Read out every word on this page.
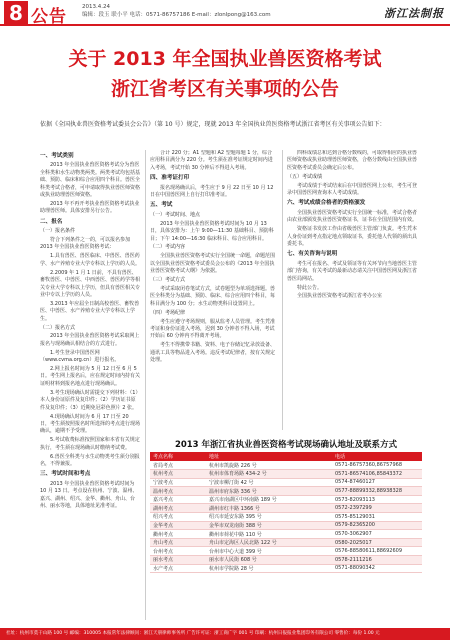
8 公告	2013.4.24
编辑：段玉 联小平 电话：0571-86757186 E-mail：zlonlpong@163.com	浙江法制报
关于 2013 年全国执业兽医资格考试
浙江省考区有关事项的公告
依据《全国执业兽医资格考试委员会公告》（第 10 号）规定，现就 2013 年全国执业兽医资格考试浙江省考区有关事项公告如下：

一、考试类别

2013 年全国执业兽医资格考试分为兽医全科类和水生动物类两类。两类考试均包括基础、预防、临床和综合应用四个科目。兽医全科类考试合格者，可申请取得执业兽医师资格或执业助理兽医师资格。

2013 年不再开考执业兽医资格考试执业助理兽医师。具体安排另行公告。

二、报名

（一）报名条件

符合下列条件之一的，可以报名参加 2013 年全国执业兽医资格考试：

1.具有兽医、兽医临床、中兽医、兽医药学、水产养殖专业大学专科以上学历的人员。

2.2009 年 1 月 1 日前，不具有兽医、畜牧兽医、中兽医、中西兽医、兽医药学等相关专业大学专科以上学历，但具有兽医相关专业中专以上学历的人员。

3.2013 年应届全日制高校兽医、畜牧兽医、中兽医、水产养殖专业大学专科以上学生。

（二）报名方式

2013 年全国执业兽医资格考试采取网上报名与现场确认相结合的方式进行。

1.考生登录中国兽医网（www.cvma.org.cn）进行报名。

2.网上报名时间为 5 月 12 日至 6 月 5 日。考生网上报名后，应在规定时间内持有关证明材料到报名地点进行现场确认。

3.考生现场确认时需提交下列材料：（1）本人身份证原件及复印件；（2）学历证书原件及复印件；（3）近期免冠彩色照片 2 张。

4.现场确认时间为 6 月 17 日至 20 日，考生须按照报名时所选择的考点进行现场确认，逾期不予受理。

5.考试收费标准按照国家和本省有关规定执行，考生须在现场确认时缴纳考试费。

6.兽医全科类与水生动物类考生须分别报名，不得兼报。

三、考试时间和考点

2013 年全国执业兽医资格考试时间为 10 月 13 日。考点设在杭州、宁波、温州、嘉兴、湖州、绍兴、金华、衢州、舟山、台州、丽水等地，具体地址见准考证。

合计 220 分；A1 型题和 A2 型题每题 1 分，综合应用科目满分为 220 分。考生须在准考证规定时间内进入考场，考试开始 30 分钟后不得进入考场。

四、准考证打印

报名现场确认后，考生应于 9 月 22 日至 10 月 12 日在中国兽医网上自行打印准考证。

五、考试

（一）考试时间、地点

2013 年全国执业兽医资格考试时间为 10 月 13 日，具体安排为：上午 9:00—11:30 基础科目、预防科目；下午 14:00—16:30 临床科目、综合应用科目。

（二）考试内容

全国执业兽医资格考试实行全国统一命题，命题范围以全国执业兽医资格考试委员会公布的《2013 年全国执业兽医资格考试大纲》为依据。

（三）考试方式

考试采取闭卷笔试方式，试卷题型为单项选择题。兽医全科类分为基础、预防、临床、综合应用四个科目，每科目满分为 100 分；水生动物类科目设置同上。

（四）考场纪律

考生应遵守考场规则，服从监考人员管理。考生凭准考证和身份证进入考场，迟到 30 分钟者不得入场，考试开始后 60 分钟内不得离开考场。

考生不得携带书籍、资料、电子存储记忆录放设备、通讯工具等物品进入考场。违反考试纪律者，按有关规定处理。

四科成绩总和达到合格分数线的，可取得相应的执业兽医师资格或执业助理兽医师资格，合格分数线由全国执业兽医资格考试委员会确定后公布。

（五）考试成绩

考试成绩于考试结束后在中国兽医网上公布，考生可登录中国兽医网查询本人考试成绩。

六、考试成绩合格者的资格颁发

全国执业兽医资格考试实行全国统一标准，考试合格者由农业部颁发执业兽医资格证书，证书在全国范围内有效。

资格证书发放工作由省级兽医主管部门负责。考生凭本人身份证到考点指定地点领取证书，委托他人代领的须出具委托书。

七、有关咨询与说明

考生可在报名、考试及领证等有关环节向当地兽医主管部门咨询，有关考试的最新动态请关注中国兽医网及浙江省兽医局网站。

特此公告。

全国执业兽医资格考试浙江省考办公室

2013 年浙江省执业兽医资格考试现场确认地址及联系方式
考点名称	地址	电话
省局考点	杭州市凯旋路 226 号	0571-86757360,86757968
杭州考点	杭州市体育场路 434-2 号	0571-86574106,85843372
宁波考点	宁波市柳汀街 42 号	0574-87460127
温州考点	温州市府东路 336 号	0577-88899332,88938328
嘉兴考点	嘉兴市南湖区中环南路 189 号	0573-82093113
湖州考点	湖州市红丰路 1366 号	0572-2397299
绍兴考点	绍兴市延安东路 395 号	0575-85129031
金华考点	金华市双龙南街 388 号	0579-82365200
衢州考点	衢州市荷花中路 110 号	0570-3062907
舟山考点	舟山市定海区人民北路 122 号	0580-2025017
台州考点	台州市中心大道 399 号	0576-88580611,88692609
丽水考点	丽水市人民街 608 号	0578-2111216
水产考点	杭州市学院路 28 号	0571-88090342
社址：杭州市莫干山路 100 号 邮编：310005 本报常年法律顾问：浙江天册律师事务所 广告许可证：浙工商广字 001 号 印刷：杭州日报报业集团印务有限公司 零售价：每份 1.00 元
